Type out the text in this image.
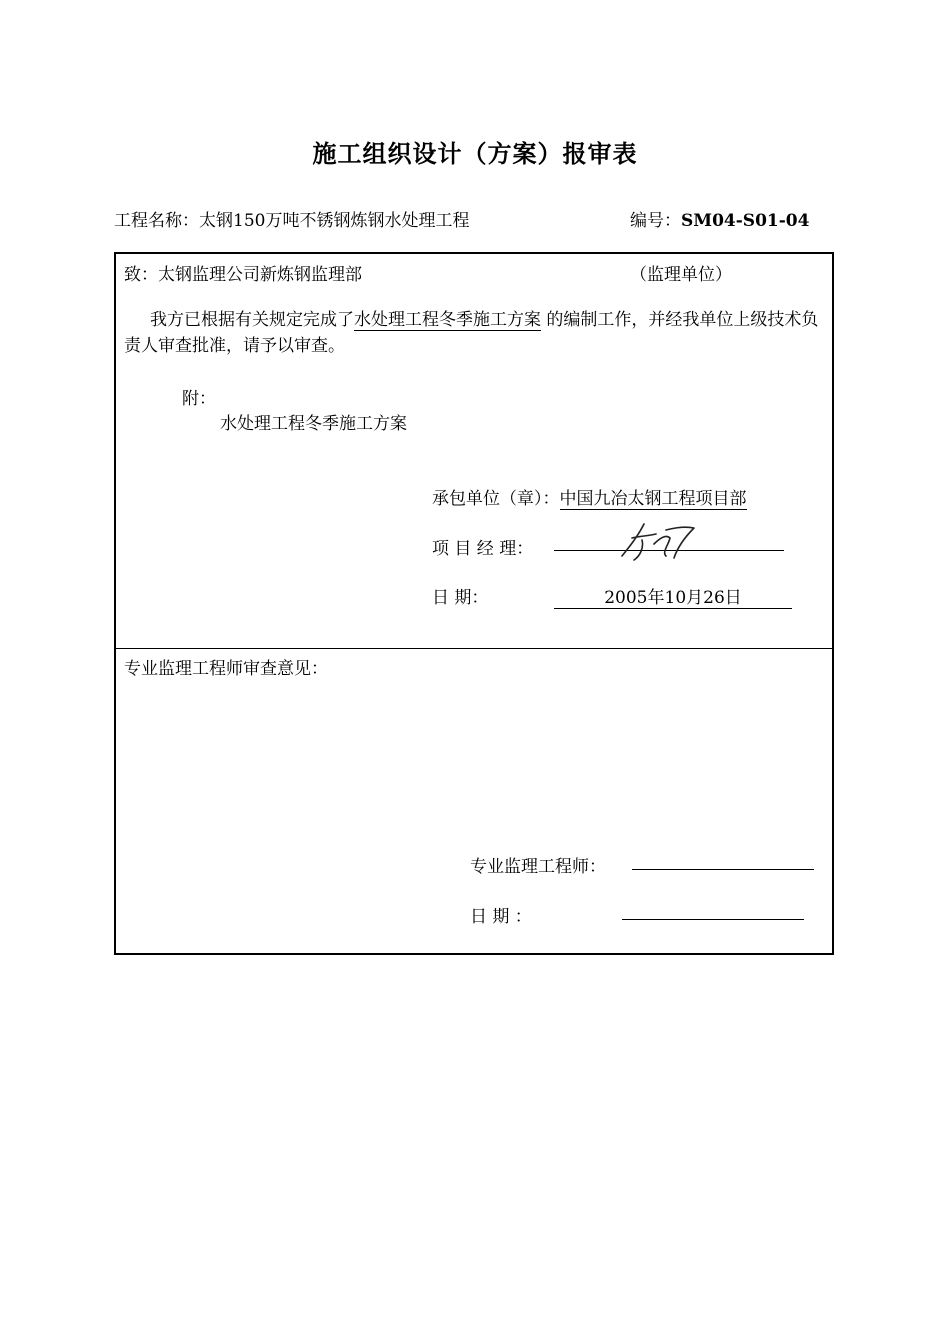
施工组织设计（方案）报审表
工程名称：太钢150万吨不锈钢炼钢水处理工程	编号：SM04-S01-04
致：太钢监理公司新炼钢监理部	（监理单位）
我方已根据有关规定完成了水处理工程冬季施工方案 的编制工作，并经我单位上级技术负责人审查批准，请予以审查。
附：
水处理工程冬季施工方案
承包单位（章）：中国九冶太钢工程项目部
项 目 经 理：
日 期：	2005年10月26日
专业监理工程师审查意见：
专业监理工程师：
日 期 ：
